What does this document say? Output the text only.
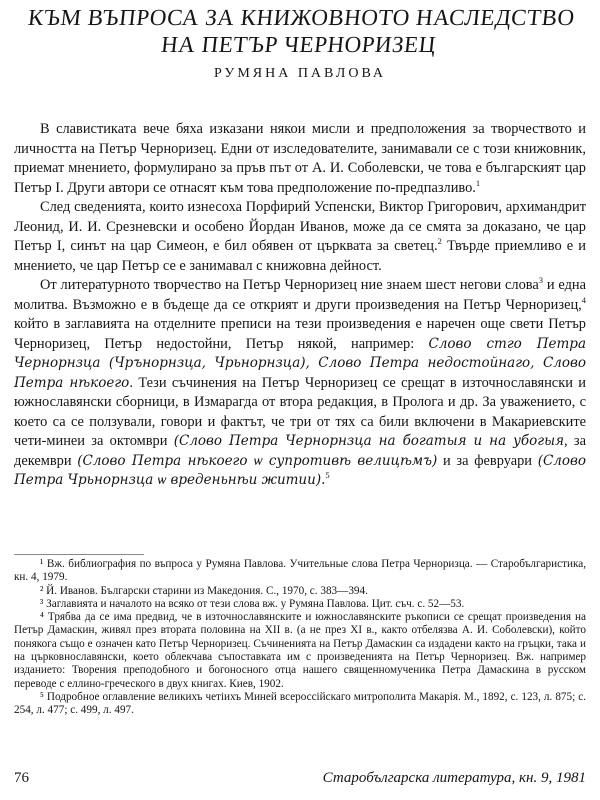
КЪМ ВЪПРОСА ЗА КНИЖОВНОТО НАСЛЕДСТВО
НА ПЕТЪР ЧЕРНОРИЗЕЦ
РУМЯНА ПАВЛОВА

В славистиката вече бяха изказани някои мисли и предположения за творчеството и личността на Петър Черноризец. Едни от изследователите, занимавали се с този книжовник, приемат мнението, формулирано за пръв път от А. И. Соболевски, че това е българският цар Петър I. Други автори се отнасят към това предположение по-предпазливо.$^1$

След сведенията, които изнесоха Порфирий Успенски, Виктор Григорович, архимандрит Леонид, И. И. Срезневски и особено Йордан Иванов, може да се смята за доказано, че цар Петър I, синът на цар Симеон, е бил обявен от църквата за светец.$^2$ Твърде приемливо е и мнението, че цар Петър се е занимавал с книжовна дейност.

От литературното творчество на Петър Черноризец ние знаем шест негови слова$^3$ и една молитва. Възможно е в бъдеще да се открият и други произведения на Петър Черноризец,$^4$ който в заглавията на отделните преписи на тези произведения е наречен още свети Петър Черноризец, Петър недостойни, Петър някой, например: Слово стго Петра Чернорнзца (Чрънорнзца, Чрьнорнзца), Слово Петра недостойнаго, Слово Петра нѣкоего. Тези съчинения на Петър Черноризец се срещат в източнославянски и южнославянски сборници, в Измарагда от втора редакция, в Пролога и др. За уважението, с което са се ползували, говори и фактът, че три от тях са били включени в Макариевските чети-минеи за октомври (Слово Петра Чернорнзца на богатыя и на убогыя, за декември (Слово Петра нѣкоего ѡ супротивѣ велицѣмъ) и за февруари (Слово Петра Чрьнорнзца ѡ вреденьнѣи житии).$^5$

¹ Вж. библиография по въпроса у Румяна Павлова. Учительные слова Петра Черноризца. — Старобългаристика, кн. 4, 1979.

² Й. Иванов. Български старини из Македония. С., 1970, с. 383—394.

³ Заглавията и началото на всяко от тези слова вж. у Румяна Павлова. Цит. съч. с. 52—53.

⁴ Трябва да се има предвид, че в източнославянските и южнославянските ръкописи се срещат произведения на Петър Дамаскин, живял през втората половина на XII в. (а не през XI в., както отбелязва А. И. Соболевски), който понякога също е означен като Петър Черноризец. Съчиненията на Петър Дамаскин са издадени както на гръцки, така и на църковнославянски, което облекчава съпоставката им с произведенията на Петър Черноризец. Вж. например изданието: Творения преподобного и богоносного отца нашего священномученика Петра Дамаскина в русском переводе с еллино-греческого в двух книгах. Киев, 1902.

⁵ Подробное оглавление великихъ четіихъ Миней всероссійскаго митрополита Макарія. М., 1892, с. 123, л. 875; с. 254, л. 477; с. 499, л. 497.

76	Старобългарска литература, кн. 9, 1981
